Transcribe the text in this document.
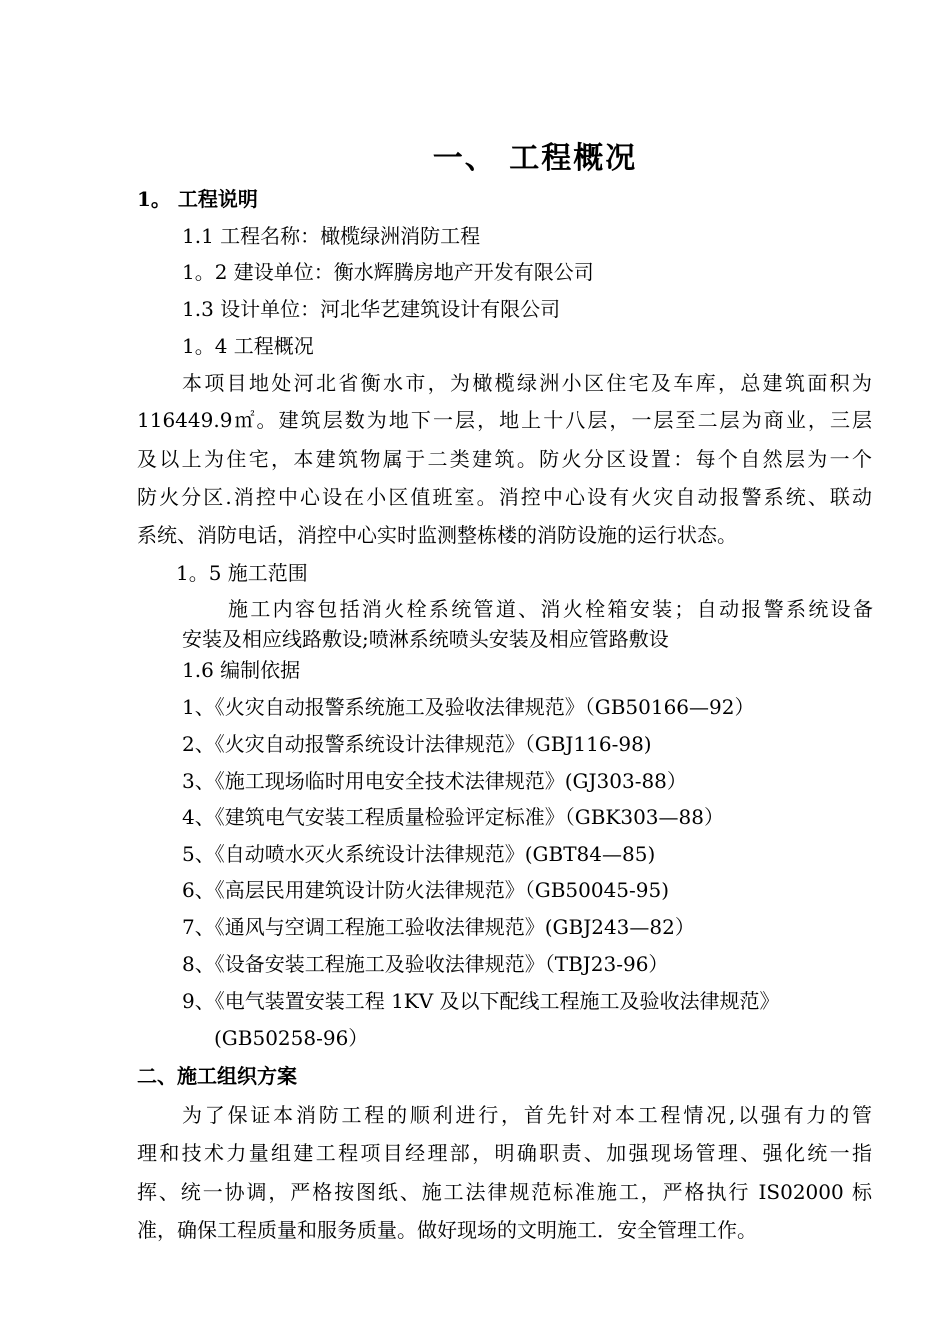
一、 工程概况
1。 工程说明
1.1 工程名称：橄榄绿洲消防工程
1。2 建设单位：衡水辉腾房地产开发有限公司
1.3 设计单位：河北华艺建筑设计有限公司
1。4 工程概况
本项目地处河北省衡水市，为橄榄绿洲小区住宅及车库，总建筑面积为
116449.9㎡。建筑层数为地下一层，地上十八层，一层至二层为商业，三层
及以上为住宅，本建筑物属于二类建筑。防火分区设置：每个自然层为一个
防火分区.消控中心设在小区值班室。消控中心设有火灾自动报警系统、联动
系统、消防电话，消控中心实时监测整栋楼的消防设施的运行状态。
1。5 施工范围
施工内容包括消火栓系统管道、消火栓箱安装；自动报警系统设备
安装及相应线路敷设;喷淋系统喷头安装及相应管路敷设
1.6 编制依据
1、《火灾自动报警系统施工及验收法律规范》（GB50166—92）
2、《火灾自动报警系统设计法律规范》（GBJ116-98)
3、《施工现场临时用电安全技术法律规范》(GJ303-88）
4、《建筑电气安装工程质量检验评定标准》（GBK303—88）
5、《自动喷水灭火系统设计法律规范》(GBT84—85)
6、《高层民用建筑设计防火法律规范》（GB50045-95)
7、《通风与空调工程施工验收法律规范》(GBJ243—82）
8、《设备安装工程施工及验收法律规范》（TBJ23-96）
9、《电气装置安装工程 1KV 及以下配线工程施工及验收法律规范》
(GB50258-96）
二、施工组织方案
为了保证本消防工程的顺利进行，首先针对本工程情况,以强有力的管
理和技术力量组建工程项目经理部，明确职责、加强现场管理、强化统一指
挥、统一协调，严格按图纸、施工法律规范标准施工，严格执行 IS02000 标
准，确保工程质量和服务质量。做好现场的文明施工．安全管理工作。
